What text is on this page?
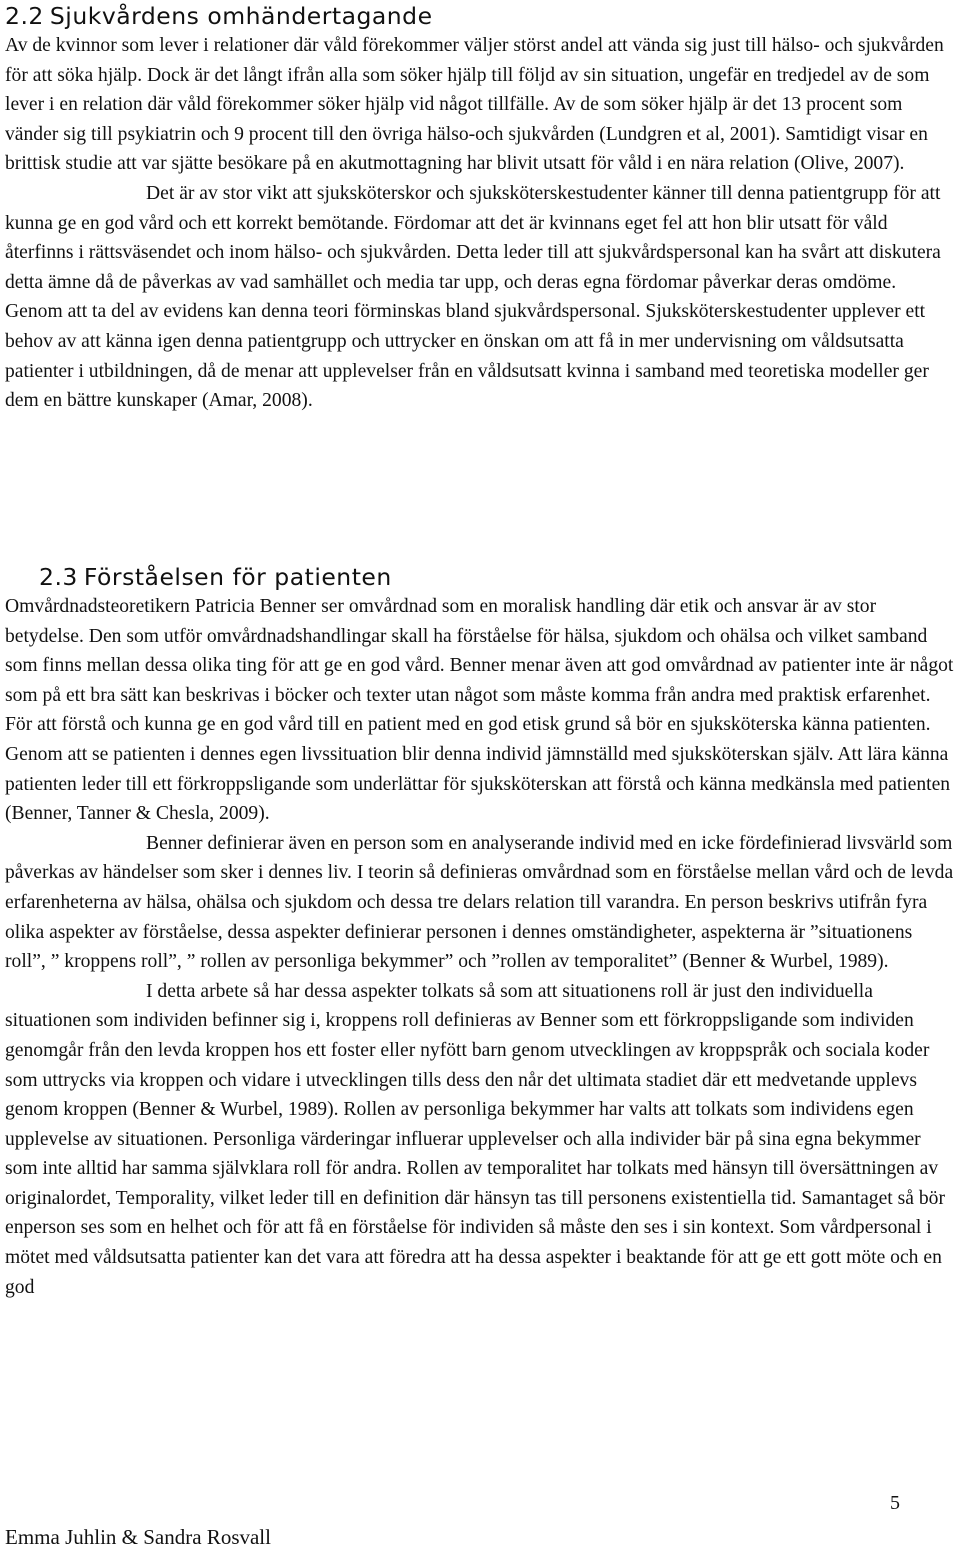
2.2 Sjukvårdens omhändertagande

Av de kvinnor som lever i relationer där våld förekommer väljer störst andel att vända sig just till hälso- och sjukvården för att söka hjälp. Dock är det långt ifrån alla som söker hjälp till följd av sin situation, ungefär en tredjedel av de som lever i en relation där våld förekommer söker hjälp vid något tillfälle. Av de som söker hjälp är det 13 procent som vänder sig till psykiatrin och 9 procent till den övriga hälso-och sjukvården (Lundgren et al, 2001). Samtidigt visar en brittisk studie att var sjätte besökare på en akutmottagning har blivit utsatt för våld i en nära relation (Olive, 2007).

Det är av stor vikt att sjuksköterskor och sjuksköterskestudenter känner till denna patientgrupp för att kunna ge en god vård och ett korrekt bemötande. Fördomar att det är kvinnans eget fel att hon blir utsatt för våld återfinns i rättsväsendet och inom hälso- och sjukvården. Detta leder till att sjukvårdspersonal kan ha svårt att diskutera detta ämne då de påverkas av vad samhället och media tar upp, och deras egna fördomar påverkar deras omdöme. Genom att ta del av evidens kan denna teori förminskas bland sjukvårdspersonal. Sjuksköterskestudenter upplever ett behov av att känna igen denna patientgrupp och uttrycker en önskan om att få in mer undervisning om våldsutsatta patienter i utbildningen, då de menar att upplevelser från en våldsutsatt kvinna i samband med teoretiska modeller ger dem en bättre kunskaper (Amar, 2008).

2.3 Förståelsen för patienten

Omvårdnadsteoretikern Patricia Benner ser omvårdnad som en moralisk handling där etik och ansvar är av stor betydelse. Den som utför omvårdnadshandlingar skall ha förståelse för hälsa, sjukdom och ohälsa och vilket samband som finns mellan dessa olika ting för att ge en god vård. Benner menar även att god omvårdnad av patienter inte är något som på ett bra sätt kan beskrivas i böcker och texter utan något som måste komma från andra med praktisk erfarenhet. För att förstå och kunna ge en god vård till en patient med en god etisk grund så bör en sjuksköterska känna patienten. Genom att se patienten i dennes egen livssituation blir denna individ jämnställd med sjuksköterskan själv. Att lära känna patienten leder till ett förkroppsligande som underlättar för sjuksköterskan att förstå och känna medkänsla med patienten (Benner, Tanner & Chesla, 2009).

Benner definierar även en person som en analyserande individ med en icke fördefinierad livsvärld som påverkas av händelser som sker i dennes liv. I teorin så definieras omvårdnad som en förståelse mellan vård och de levda erfarenheterna av hälsa, ohälsa och sjukdom och dessa tre delars relation till varandra. En person beskrivs utifrån fyra olika aspekter av förståelse, dessa aspekter definierar personen i dennes omständigheter, aspekterna är ”situationens roll”, ” kroppens roll”, ” rollen av personliga bekymmer” och ”rollen av temporalitet” (Benner & Wurbel, 1989).

I detta arbete så har dessa aspekter tolkats så som att situationens roll är just den individuella situationen som individen befinner sig i, kroppens roll definieras av Benner som ett förkroppsligande som individen genomgår från den levda kroppen hos ett foster eller nyfött barn genom utvecklingen av kroppspråk och sociala koder som uttrycks via kroppen och vidare i utvecklingen tills dess den når det ultimata stadiet där ett medvetande upplevs genom kroppen (Benner & Wurbel, 1989). Rollen av personliga bekymmer har valts att tolkats som individens egen upplevelse av situationen. Personliga värderingar influerar upplevelser och alla individer bär på sina egna bekymmer som inte alltid har samma självklara roll för andra. Rollen av temporalitet har tolkats med hänsyn till översättningen av originalordet, Temporality, vilket leder till en definition där hänsyn tas till personens existentiella tid. Samantaget så bör enperson ses som en helhet och för att få en förståelse för individen så måste den ses i sin kontext. Som vårdpersonal i mötet med våldsutsatta patienter kan det vara att föredra att ha dessa aspekter i beaktande för att ge ett gott möte och en god

5
Emma Juhlin & Sandra Rosvall
